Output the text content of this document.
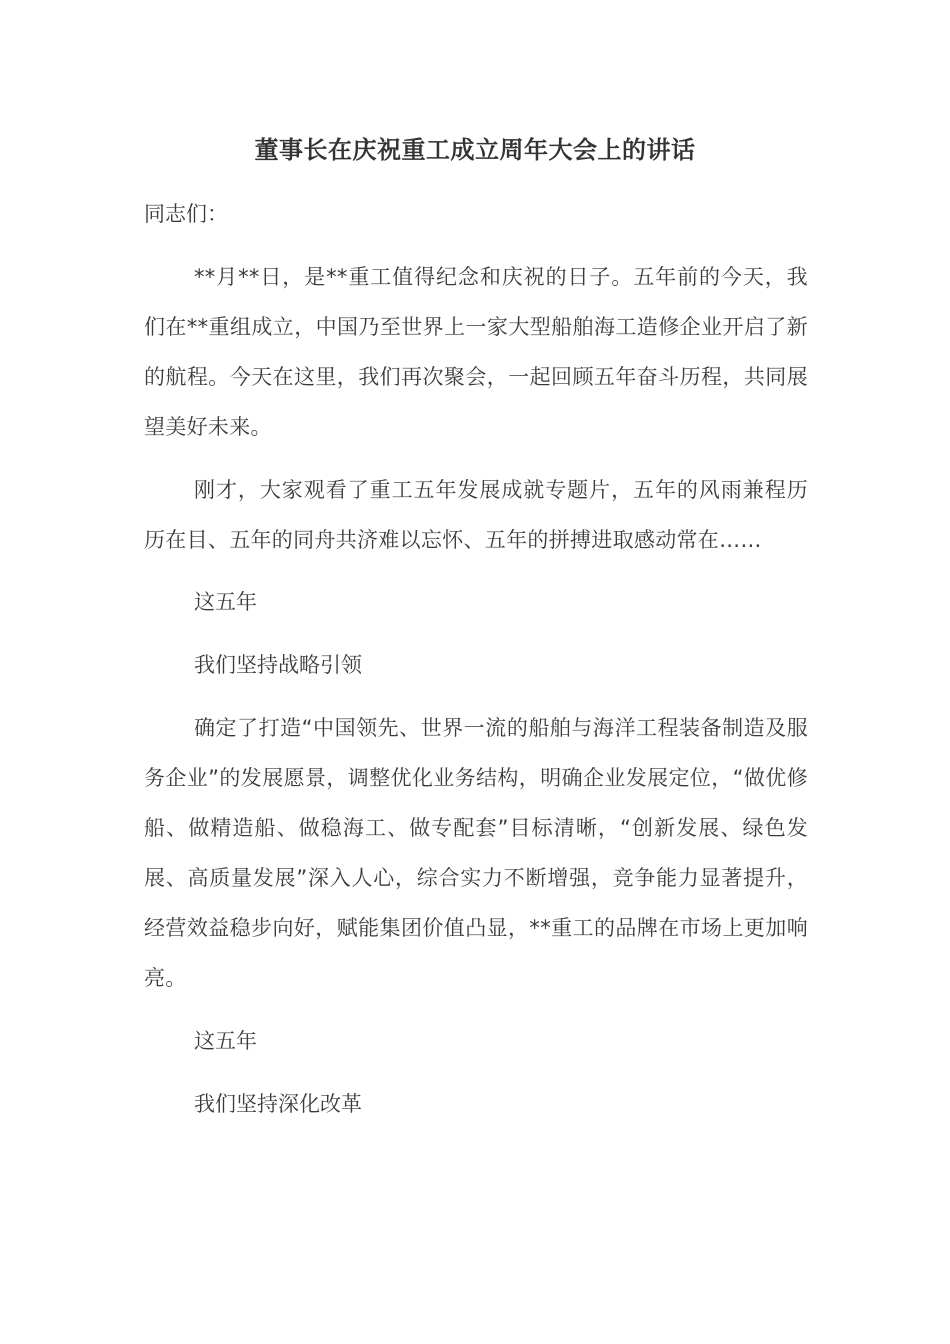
董事长在庆祝重工成立周年大会上的讲话
同志们：

**月**日，是**重工值得纪念和庆祝的日子。五年前的今天，我们在**重组成立，中国乃至世界上一家大型船舶海工造修企业开启了新的航程。今天在这里，我们再次聚会，一起回顾五年奋斗历程，共同展望美好未来。

刚才，大家观看了重工五年发展成就专题片，五年的风雨兼程历历在目、五年的同舟共济难以忘怀、五年的拼搏进取感动常在……

这五年
我们坚持战略引领

确定了打造“中国领先、世界一流的船舶与海洋工程装备制造及服务企业”的发展愿景，调整优化业务结构，明确企业发展定位，“做优修船、做精造船、做稳海工、做专配套”目标清晰，“创新发展、绿色发展、高质量发展”深入人心，综合实力不断增强，竞争能力显著提升，经营效益稳步向好，赋能集团价值凸显，**重工的品牌在市场上更加响亮。

这五年
我们坚持深化改革
